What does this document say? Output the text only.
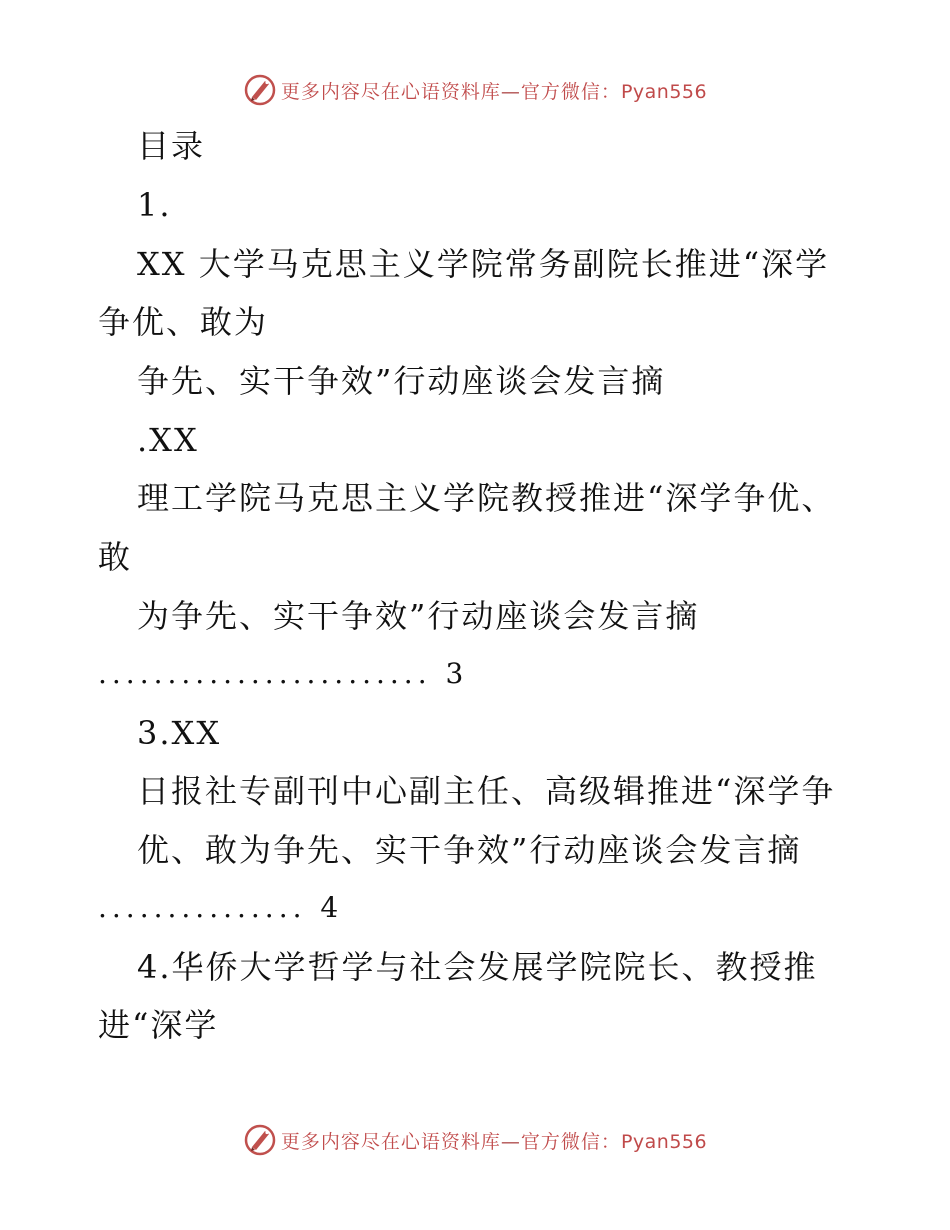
更多内容尽在心语资料库—官方微信：Pyan556
目录
1.
XX 大学马克思主义学院常务副院长推进“深学
争优、敢为
争先、实干争效”行动座谈会发言摘
.XX
理工学院马克思主义学院教授推进“深学争优、
敢
为争先、实干争效”行动座谈会发言摘
........................ 3
3.XX
日报社专副刊中心副主任、高级辑推进“深学争
优、敢为争先、实干争效”行动座谈会发言摘
............... 4
4.华侨大学哲学与社会发展学院院长、教授推
进“深学
更多内容尽在心语资料库—官方微信：Pyan556
